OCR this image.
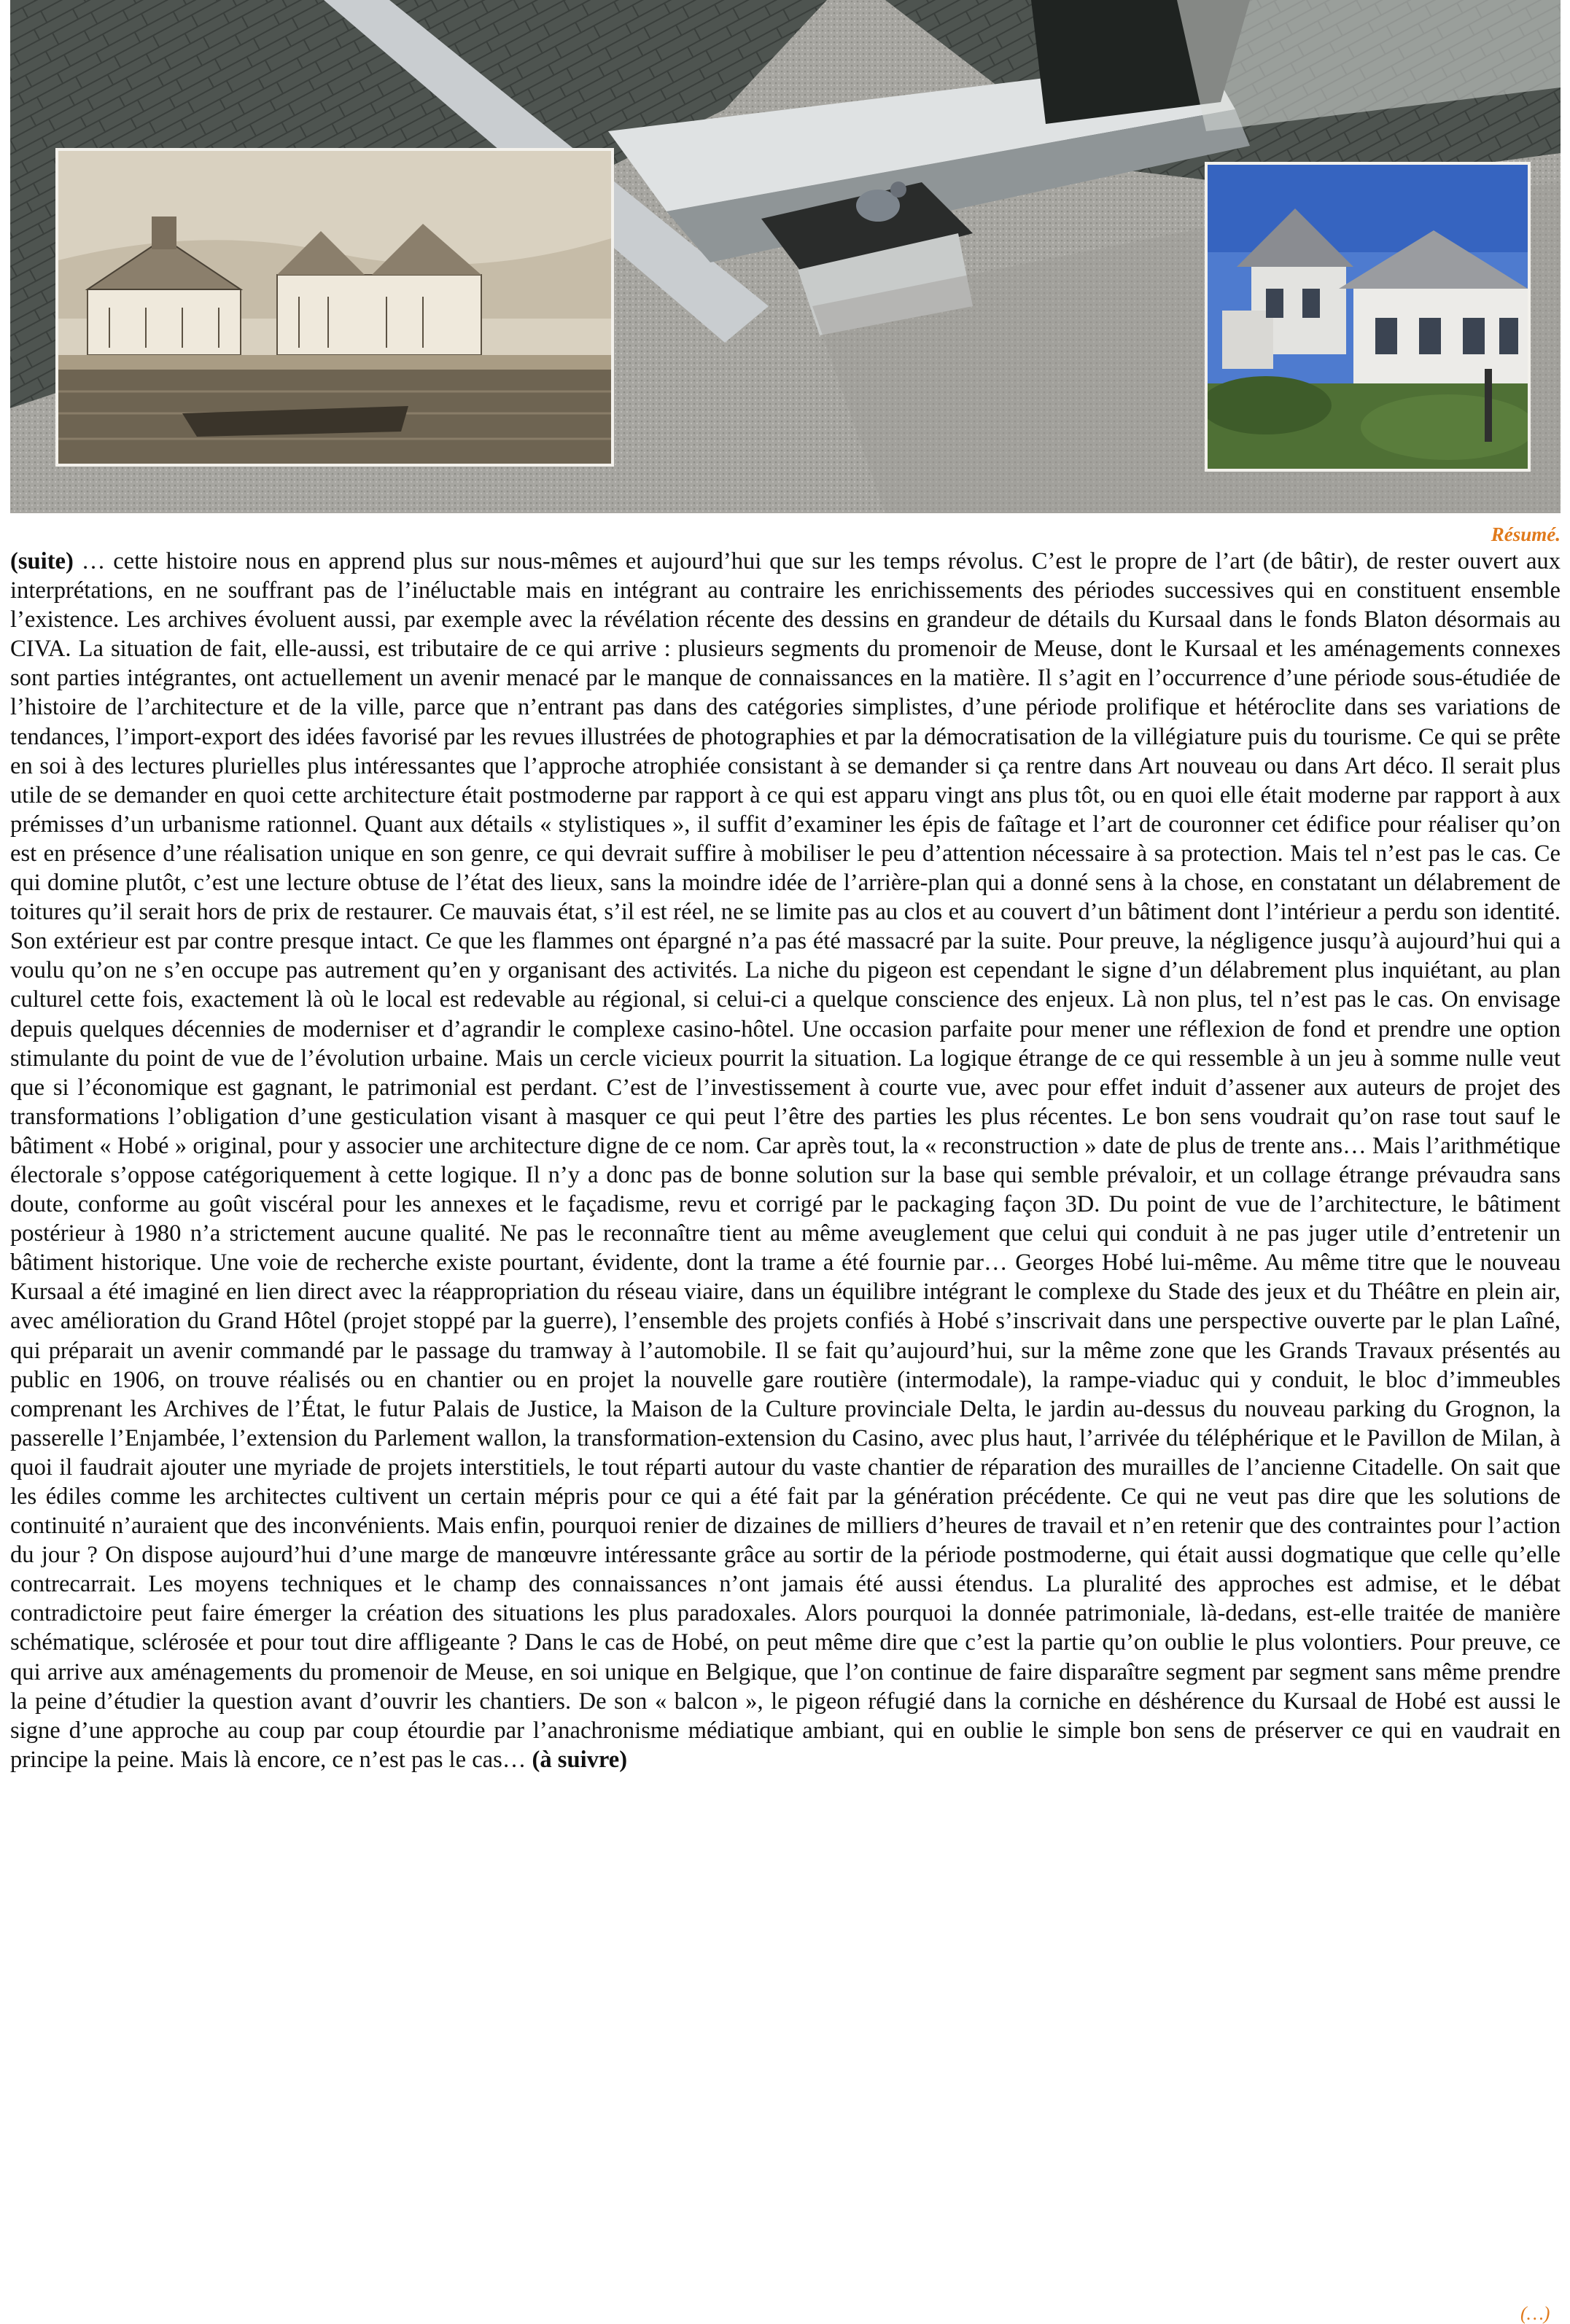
Résumé.

(suite) … cette histoire nous en apprend plus sur nous-mêmes et aujourd’hui que sur les temps révolus. C’est le propre de l’art (de bâtir), de rester ouvert aux interprétations, en ne souffrant pas de l’inéluctable mais en intégrant au contraire les enrichissements des périodes successives qui en constituent ensemble l’existence. Les archives évoluent aussi, par exemple avec la révélation récente des dessins en grandeur de détails du Kursaal dans le fonds Blaton désormais au CIVA. La situation de fait, elle-aussi, est tributaire de ce qui arrive : plusieurs segments du promenoir de Meuse, dont le Kursaal et les aménagements connexes sont parties intégrantes, ont actuellement un avenir menacé par le manque de connaissances en la matière. Il s’agit en l’occurrence d’une période sous-étudiée de l’histoire de l’architecture et de la ville, parce que n’entrant pas dans des catégories simplistes, d’une période prolifique et hétéroclite dans ses variations de tendances, l’import-export des idées favorisé par les revues illustrées de photographies et par la démocratisation de la villégiature puis du tourisme. Ce qui se prête en soi à des lectures plurielles plus intéressantes que l’approche atrophiée consistant à se demander si ça rentre dans Art nouveau ou dans Art déco. Il serait plus utile de se demander en quoi cette architecture était postmoderne par rapport à ce qui est apparu vingt ans plus tôt, ou en quoi elle était moderne par rapport à aux prémisses d’un urbanisme rationnel. Quant aux détails « stylistiques », il suffit d’examiner les épis de faîtage et l’art de couronner cet édifice pour réaliser qu’on est en présence d’une réalisation unique en son genre, ce qui devrait suffire à mobiliser le peu d’attention nécessaire à sa protection. Mais tel n’est pas le cas. Ce qui domine plutôt, c’est une lecture obtuse de l’état des lieux, sans la moindre idée de l’arrière-plan qui a donné sens à la chose, en constatant un délabrement de toitures qu’il serait hors de prix de restaurer. Ce mauvais état, s’il est réel, ne se limite pas au clos et au couvert d’un bâtiment dont l’intérieur a perdu son identité. Son extérieur est par contre presque intact. Ce que les flammes ont épargné n’a pas été massacré par la suite. Pour preuve, la négligence jusqu’à aujourd’hui qui a voulu qu’on ne s’en occupe pas autrement qu’en y organisant des activités. La niche du pigeon est cependant le signe d’un délabrement plus inquiétant, au plan culturel cette fois, exactement là où le local est redevable au régional, si celui-ci a quelque conscience des enjeux. Là non plus, tel n’est pas le cas. On envisage depuis quelques décennies de moderniser et d’agrandir le complexe casino-hôtel. Une occasion parfaite pour mener une réflexion de fond et prendre une option stimulante du point de vue de l’évolution urbaine. Mais un cercle vicieux pourrit la situation. La logique étrange de ce qui ressemble à un jeu à somme nulle veut que si l’économique est gagnant, le patrimonial est perdant. C’est de l’investissement à courte vue, avec pour effet induit d’assener aux auteurs de projet des transformations l’obligation d’une gesticulation visant à masquer ce qui peut l’être des parties les plus récentes. Le bon sens voudrait qu’on rase tout sauf le bâtiment « Hobé » original, pour y associer une architecture digne de ce nom. Car après tout, la « reconstruction » date de plus de trente ans… Mais l’arithmétique électorale s’oppose catégoriquement à cette logique. Il n’y a donc pas de bonne solution sur la base qui semble prévaloir, et un collage étrange prévaudra sans doute, conforme au goût viscéral pour les annexes et le façadisme, revu et corrigé par le packaging façon 3D. Du point de vue de l’architecture, le bâtiment postérieur à 1980 n’a strictement aucune qualité. Ne pas le reconnaître tient au même aveuglement que celui qui conduit à ne pas juger utile d’entretenir un bâtiment historique. Une voie de recherche existe pourtant, évidente, dont la trame a été fournie par… Georges Hobé lui-même. Au même titre que le nouveau Kursaal a été imaginé en lien direct avec la réappropriation du réseau viaire, dans un équilibre intégrant le complexe du Stade des jeux et du Théâtre en plein air, avec amélioration du Grand Hôtel (projet stoppé par la guerre), l’ensemble des projets confiés à Hobé s’inscrivait dans une perspective ouverte par le plan Laîné, qui préparait un avenir commandé par le passage du tramway à l’automobile. Il se fait qu’aujourd’hui, sur la même zone que les Grands Travaux présentés au public en 1906, on trouve réalisés ou en chantier ou en projet la nouvelle gare routière (intermodale), la rampe-viaduc qui y conduit, le bloc d’immeubles comprenant les Archives de l’État, le futur Palais de Justice, la Maison de la Culture provinciale Delta, le jardin au-dessus du nouveau parking du Grognon, la passerelle l’Enjambée, l’extension du Parlement wallon, la transformation-extension du Casino, avec plus haut, l’arrivée du téléphérique et le Pavillon de Milan, à quoi il faudrait ajouter une myriade de projets interstitiels, le tout réparti autour du vaste chantier de réparation des murailles de l’ancienne Citadelle. On sait que les édiles comme les architectes cultivent un certain mépris pour ce qui a été fait par la génération précédente. Ce qui ne veut pas dire que les solutions de continuité n’auraient que des inconvénients. Mais enfin, pourquoi renier de dizaines de milliers d’heures de travail et n’en retenir que des contraintes pour l’action du jour ? On dispose aujourd’hui d’une marge de manœuvre intéressante grâce au sortir de la période postmoderne, qui était aussi dogmatique que celle qu’elle contrecarrait. Les moyens techniques et le champ des connaissances n’ont jamais été aussi étendus. La pluralité des approches est admise, et le débat contradictoire peut faire émerger la création des situations les plus paradoxales. Alors pourquoi la donnée patrimoniale, là-dedans, est-elle traitée de manière schématique, sclérosée et pour tout dire affligeante ? Dans le cas de Hobé, on peut même dire que c’est la partie qu’on oublie le plus volontiers. Pour preuve, ce qui arrive aux aménagements du promenoir de Meuse, en soi unique en Belgique, que l’on continue de faire disparaître segment par segment sans même prendre la peine d’étudier la question avant d’ouvrir les chantiers. De son « balcon », le pigeon réfugié dans la corniche en déshérence du Kursaal de Hobé est aussi le signe d’une approche au coup par coup étourdie par l’anachronisme médiatique ambiant, qui en oublie le simple bon sens de préserver ce qui en vaudrait en principe la peine. Mais là encore, ce n’est pas le cas… (à suivre)

(…)
